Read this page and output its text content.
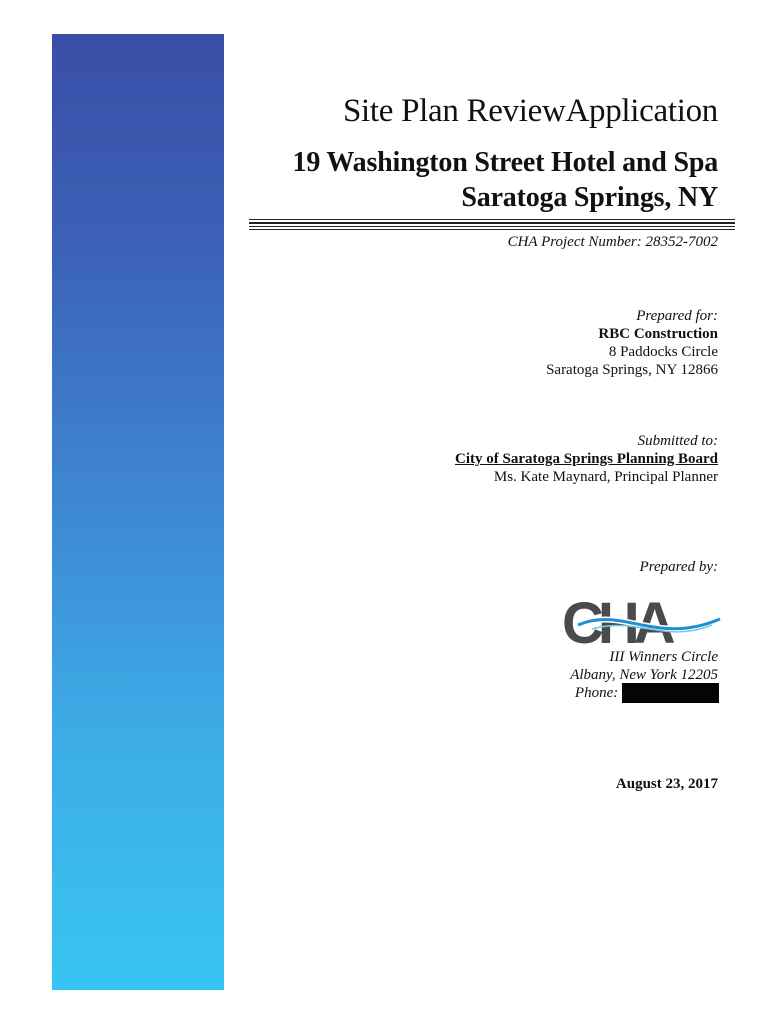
Site Plan ReviewApplication
19 Washington Street Hotel and Spa
Saratoga Springs, NY
CHA Project Number: 28352-7002
Prepared for:
RBC Construction
8 Paddocks Circle
Saratoga Springs, NY 12866
Submitted to:
City of Saratoga Springs Planning Board
Ms. Kate Maynard, Principal Planner
Prepared by:
CHA
III Winners Circle
Albany, New York 12205
Phone:
August 23, 2017
